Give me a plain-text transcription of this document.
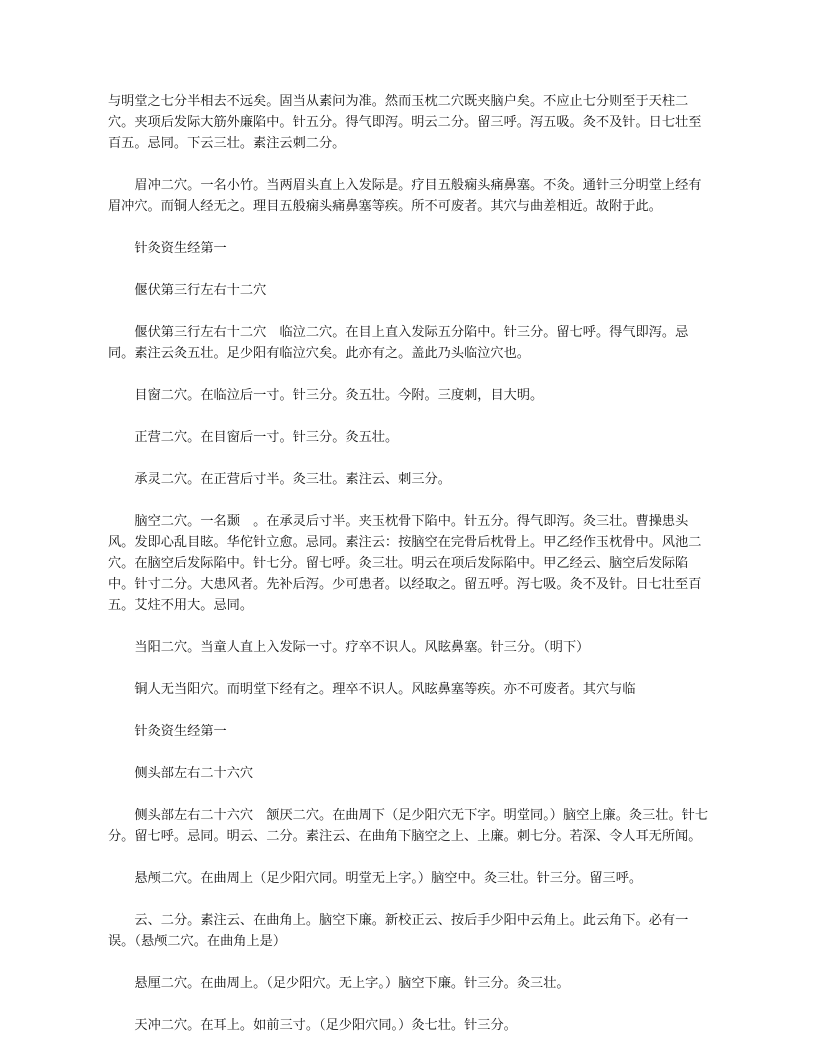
与明堂之七分半相去不远矣。固当从素问为准。然而玉枕二穴既夹脑户矣。不应止七分则至于天柱二穴。夹项后发际大筋外廉陷中。针五分。得气即泻。明云二分。留三呼。泻五吸。灸不及针。日七壮至百五。忌同。下云三壮。素注云刺二分。

眉冲二穴。一名小竹。当两眉头直上入发际是。疗目五般痫头痛鼻塞。不灸。通针三分明堂上经有眉冲穴。而铜人经无之。理目五般痫头痛鼻塞等疾。所不可废者。其穴与曲差相近。故附于此。

针灸资生经第一

偃伏第三行左右十二穴

偃伏第三行左右十二穴　临泣二穴。在目上直入发际五分陷中。针三分。留七呼。得气即泻。忌同。素注云灸五壮。足少阳有临泣穴矣。此亦有之。盖此乃头临泣穴也。

目窗二穴。在临泣后一寸。针三分。灸五壮。今附。三度刺，目大明。

正营二穴。在目窗后一寸。针三分。灸五壮。

承灵二穴。在正营后寸半。灸三壮。素注云、刺三分。

脑空二穴。一名颞　。在承灵后寸半。夹玉枕骨下陷中。针五分。得气即泻。灸三壮。曹操患头风。发即心乱目眩。华佗针立愈。忌同。素注云：按脑空在完骨后枕骨上。甲乙经作玉枕骨中。风池二穴。在脑空后发际陷中。针七分。留七呼。灸三壮。明云在项后发际陷中。甲乙经云、脑空后发际陷中。针寸二分。大患风者。先补后泻。少可患者。以经取之。留五呼。泻七吸。灸不及针。日七壮至百五。艾炷不用大。忌同。

当阳二穴。当童人直上入发际一寸。疗卒不识人。风眩鼻塞。针三分。（明下）

铜人无当阳穴。而明堂下经有之。理卒不识人。风眩鼻塞等疾。亦不可废者。其穴与临

针灸资生经第一

侧头部左右二十六穴

侧头部左右二十六穴　颔厌二穴。在曲周下（足少阳穴无下字。明堂同。）脑空上廉。灸三壮。针七分。留七呼。忌同。明云、二分。素注云、在曲角下脑空之上、上廉。刺七分。若深、令人耳无所闻。

悬颅二穴。在曲周上（足少阳穴同。明堂无上字。）脑空中。灸三壮。针三分。留三呼。

云、二分。素注云、在曲角上。脑空下廉。新校正云、按后手少阳中云角上。此云角下。必有一误。（悬颅二穴。在曲角上是）

悬厘二穴。在曲周上。（足少阳穴。无上字。）脑空下廉。针三分。灸三壮。

天冲二穴。在耳上。如前三寸。（足少阳穴同。）灸七壮。针三分。
